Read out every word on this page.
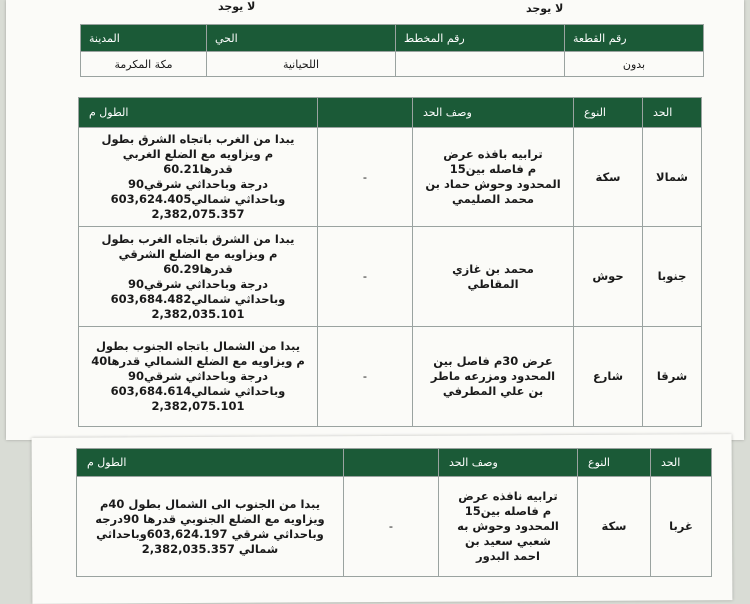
لا يوجد
لا يوجد
رقم القطعة	رقم المخطط	الحي	المدينة
بدون		اللحيانية	مكة المكرمة
الحد	النوع	وصف الحد		الطول م
شمالا	سكة	ترابيه بافذه عرض
م فاصله بين15
المحدود وحوش حماد بن
محمد الصليمي	-	يبدا من الغرب باتجاه الشرق بطول
م ويزاويه مع الضلع الغربي قدرها60.21
درجة وباحداثي شرقي90
وباحداثي شمالي603,624.405
2,382,075.357
جنوبا	حوش	محمد بن غازي
المقاطي	-	يبدا من الشرق باتجاه الغرب بطول
م ويزاويه مع الضلع الشرقي قدرها60.29
درجة وباحداثي شرقي90
وباحداثي شمالي603,684.482
2,382,035.101
شرقا	شارع	عرض 30م فاصل بين
المحدود ومزرعه ماطر
بن علي المطرفي	-	يبدا من الشمال باتجاه الجنوب بطول
م ويزاويه مع الضلع الشمالي قدرها40
درجة وباحداثي شرقي90
وباحداثي شمالي603,684.614
2,382,075.101
الحد	النوع	وصف الحد		الطول م
غربا	سكة	ترابيه نافذه عرض
م فاصله بين15
المحدود وحوش به
شعبي سعيد بن
احمد البدور	-	يبدا من الجنوب الى الشمال بطول 40م
ويزاويه مع الضلع الجنوبي قدرها 90درجه
وباحداثي شرقي 603,624.197وباحداثي
شمالي 2,382,035.357
